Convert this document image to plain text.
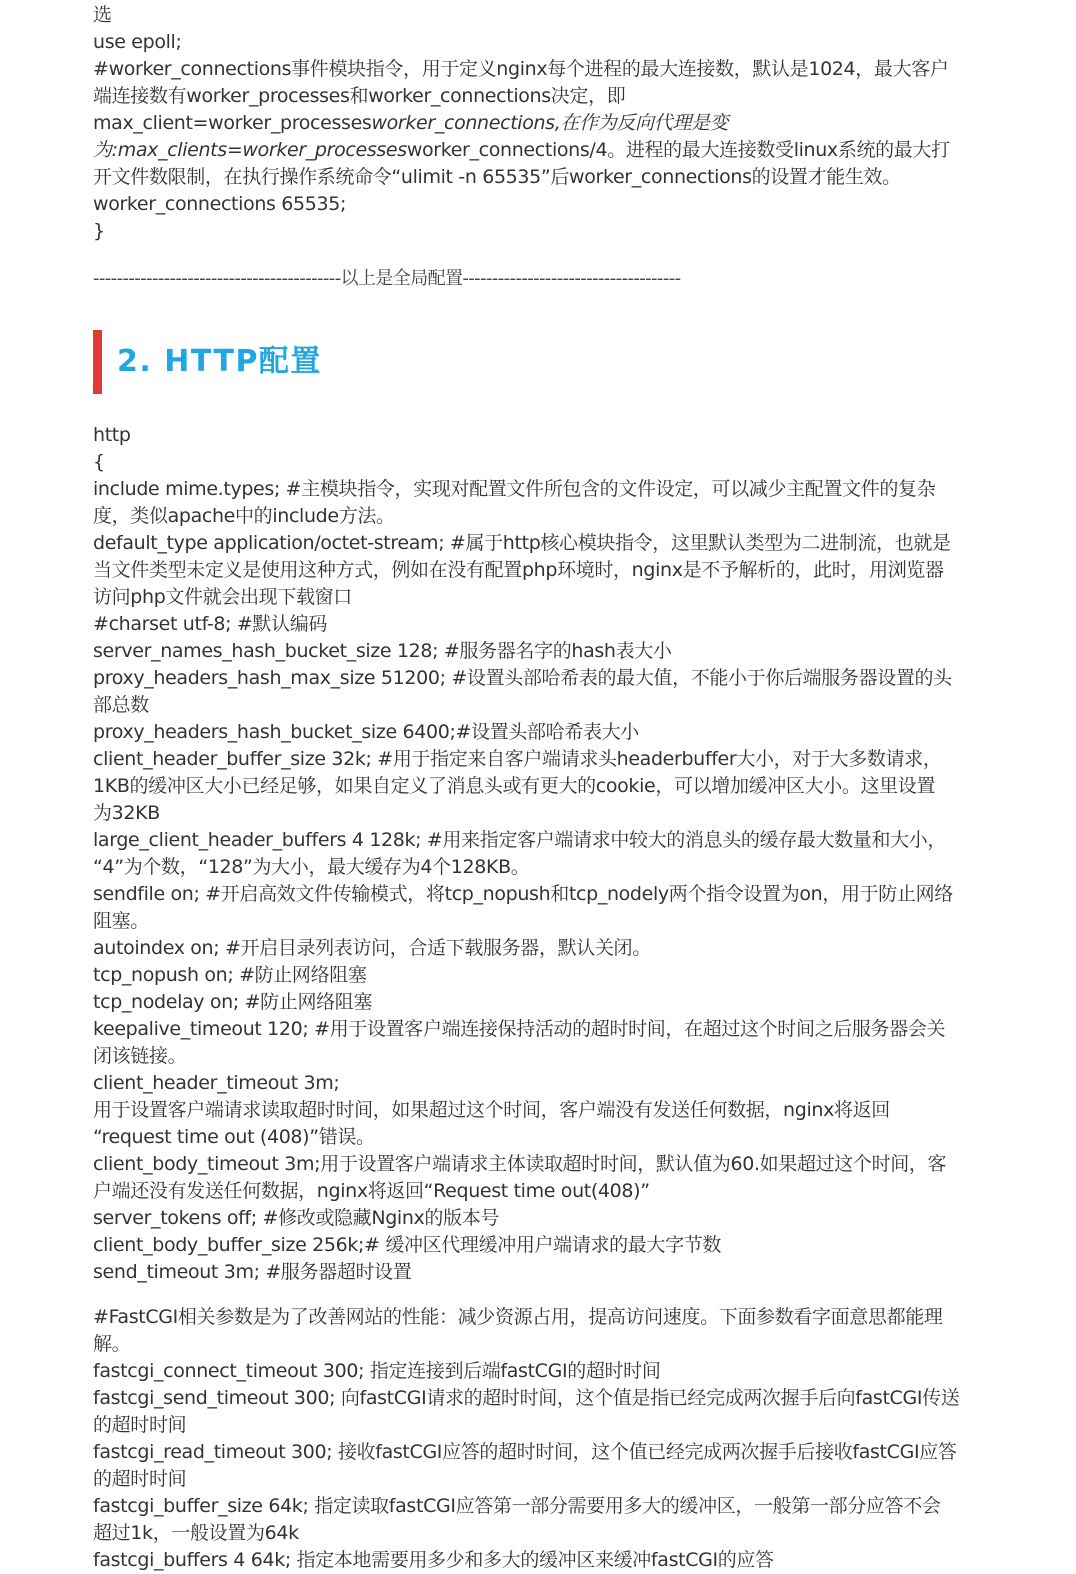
选

use epoll;

#worker_connections事件模块指令，用于定义nginx每个进程的最大连接数，默认是1024，最大客户

端连接数有worker_processes和worker_connections决定，即

max_client=worker_processesworker_connections,在作为反向代理是变

为:max_clients=worker_processesworker_connections/4。进程的最大连接数受linux系统的最大打

开文件数限制，在执行操作系统命令“ulimit -n 65535”后worker_connections的设置才能生效。

worker_connections 65535;

}

------------------------------------------以上是全局配置-------------------------------------
2. HTTP配置

http

{

include mime.types; #主模块指令，实现对配置文件所包含的文件设定，可以减少主配置文件的复杂

度，类似apache中的include方法。

default_type application/octet-stream; #属于http核心模块指令，这里默认类型为二进制流，也就是

当文件类型未定义是使用这种方式，例如在没有配置php环境时，nginx是不予解析的，此时，用浏览器

访问php文件就会出现下载窗口

#charset utf-8; #默认编码

server_names_hash_bucket_size 128; #服务器名字的hash表大小

proxy_headers_hash_max_size 51200; #设置头部哈希表的最大值，不能小于你后端服务器设置的头

部总数

proxy_headers_hash_bucket_size 6400;#设置头部哈希表大小

client_header_buffer_size 32k; #用于指定来自客户端请求头headerbuffer大小，对于大多数请求，

1KB的缓冲区大小已经足够，如果自定义了消息头或有更大的cookie，可以增加缓冲区大小。这里设置

为32KB

large_client_header_buffers 4 128k; #用来指定客户端请求中较大的消息头的缓存最大数量和大小，

“4”为个数，“128”为大小，最大缓存为4个128KB。

sendfile on; #开启高效文件传输模式，将tcp_nopush和tcp_nodely两个指令设置为on，用于防止网络

阻塞。

autoindex on; #开启目录列表访问，合适下载服务器，默认关闭。

tcp_nopush on; #防止网络阻塞

tcp_nodelay on; #防止网络阻塞

keepalive_timeout 120; #用于设置客户端连接保持活动的超时时间，在超过这个时间之后服务器会关

闭该链接。

client_header_timeout 3m;

用于设置客户端请求读取超时时间，如果超过这个时间，客户端没有发送任何数据，nginx将返回

“request time out (408)”错误。

client_body_timeout 3m;用于设置客户端请求主体读取超时时间，默认值为60.如果超过这个时间，客

户端还没有发送任何数据，nginx将返回“Request time out(408)”

server_tokens off; #修改或隐藏Nginx的版本号

client_body_buffer_size 256k;# 缓冲区代理缓冲用户端请求的最大字节数

send_timeout 3m; #服务器超时设置

#FastCGI相关参数是为了改善网站的性能：减少资源占用，提高访问速度。下面参数看字面意思都能理

解。

fastcgi_connect_timeout 300; 指定连接到后端fastCGI的超时时间

fastcgi_send_timeout 300; 向fastCGI请求的超时时间，这个值是指已经完成两次握手后向fastCGI传送

的超时时间

fastcgi_read_timeout 300; 接收fastCGI应答的超时时间，这个值已经完成两次握手后接收fastCGI应答

的超时时间

fastcgi_buffer_size 64k; 指定读取fastCGI应答第一部分需要用多大的缓冲区，一般第一部分应答不会

超过1k，一般设置为64k

fastcgi_buffers 4 64k; 指定本地需要用多少和多大的缓冲区来缓冲fastCGI的应答
